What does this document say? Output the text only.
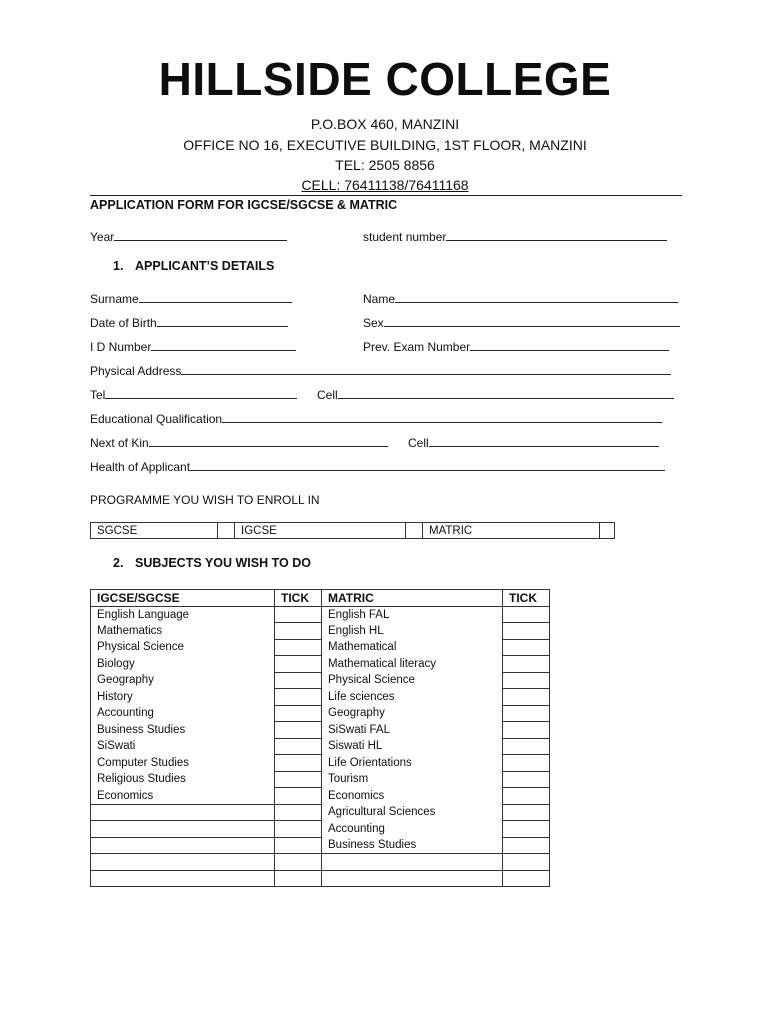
HILLSIDE COLLEGE
P.O.BOX 460, MANZINI
OFFICE NO 16, EXECUTIVE BUILDING, 1ST FLOOR, MANZINI
TEL: 2505 8856
CELL: 76411138/76411168
APPLICATION FORM FOR IGCSE/SGCSE & MATRIC
Year	student number
1. APPLICANT’S DETAILS
Surname	Name
Date of Birth	Sex
I D Number	Prev. Exam Number
Physical Address
Tel	Cell
Educational Qualification
Next of Kin	Cell
Health of Applicant
PROGRAMME YOU WISH TO ENROLL IN
SGCSE		IGCSE		MATRIC	
2. SUBJECTS YOU WISH TO DO
IGCSE/SGCSE	TICK	MATRIC	TICK
English Language		English FAL	
Mathematics		English HL	
Physical Science		Mathematical	
Biology		Mathematical literacy	
Geography		Physical Science	
History		Life sciences	
Accounting		Geography	
Business Studies		SiSwati FAL	
SiSwati		Siswati HL	
Computer Studies		Life Orientations	
Religious Studies		Tourism	
Economics		Economics	
		Agricultural Sciences	
		Accounting	
		Business Studies	
